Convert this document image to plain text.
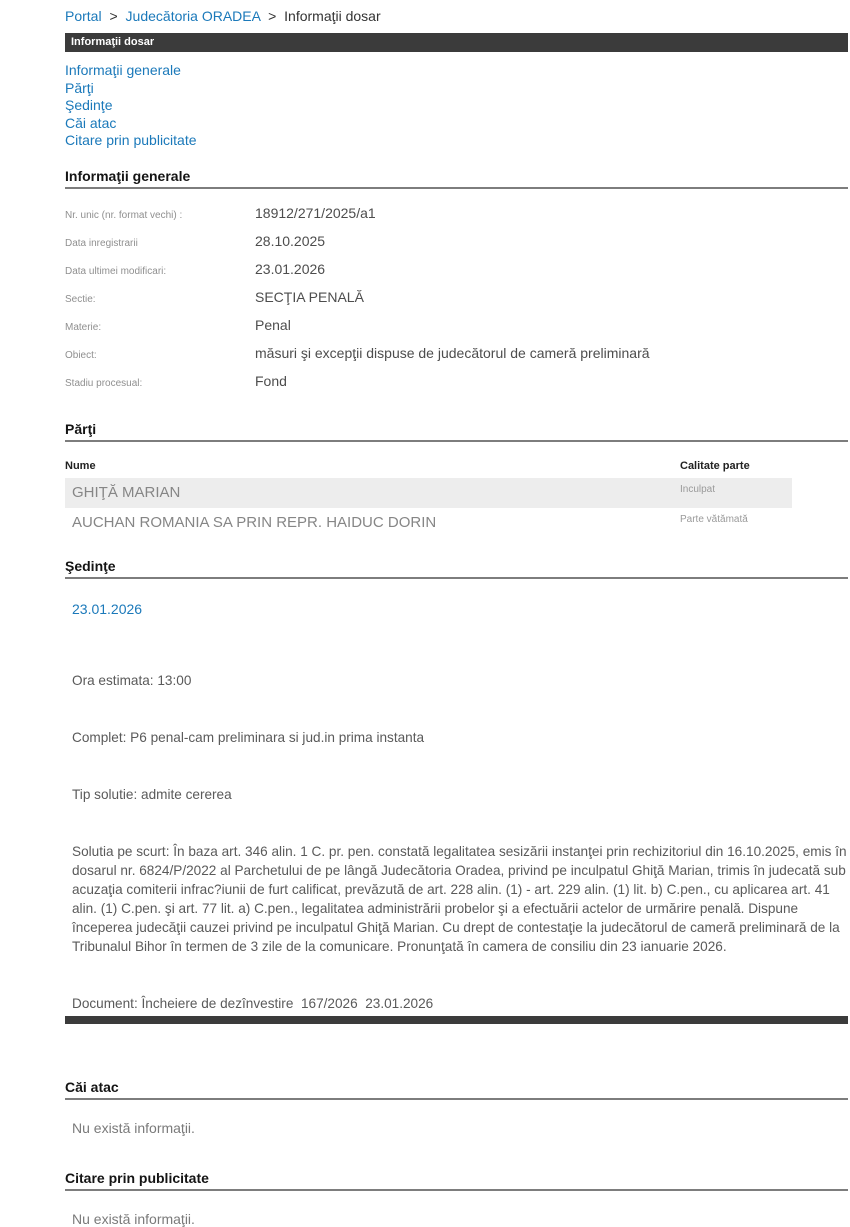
Portal > Judecătoria ORADEA > Informaţii dosar
Informaţii dosar
Informaţii generale
Părţi
Şedinţe
Căi atac
Citare prin publicitate
Informaţii generale
Nr. unic (nr. format vechi) :	18912/271/2025/a1
Data inregistrarii	28.10.2025
Data ultimei modificari:	23.01.2026
Sectie:	SECŢIA PENALĂ
Materie:	Penal
Obiect:	măsuri şi excepţii dispuse de judecătorul de cameră preliminară
Stadiu procesual:	Fond
Părţi
Nume	Calitate parte
GHIŢĂ MARIAN	Inculpat
AUCHAN ROMANIA SA PRIN REPR. HAIDUC DORIN	Parte vătămată
Şedinţe
23.01.2026

Ora estimata: 13:00

Complet: P6 penal-cam preliminara si jud.in prima instanta

Tip solutie: admite cererea

Solutia pe scurt: În baza art. 346 alin. 1 C. pr. pen. constată legalitatea sesizării instanţei prin rechizitoriul din 16.10.2025, emis în dosarul nr. 6824/P/2022 al Parchetului de pe lângă Judecătoria Oradea, privind pe inculpatul Ghiţă Marian, trimis în judecată sub acuzaţia comiterii infrac?iunii de furt calificat, prevăzută de art. 228 alin. (1) - art. 229 alin. (1) lit. b) C.pen., cu aplicarea art. 41 alin. (1) C.pen. şi art. 77 lit. a) C.pen., legalitatea administrării probelor şi a efectuării actelor de urmărire penală. Dispune începerea judecăţii cauzei privind pe inculpatul Ghiţă Marian. Cu drept de contestaţie la judecătorul de cameră preliminară de la Tribunalul Bihor în termen de 3 zile de la comunicare. Pronunţată în camera de consiliu din 23 ianuarie 2026.

Document: Încheiere de dezînvestire  167/2026  23.01.2026

Căi atac
Nu există informaţii.
Citare prin publicitate
Nu există informaţii.
